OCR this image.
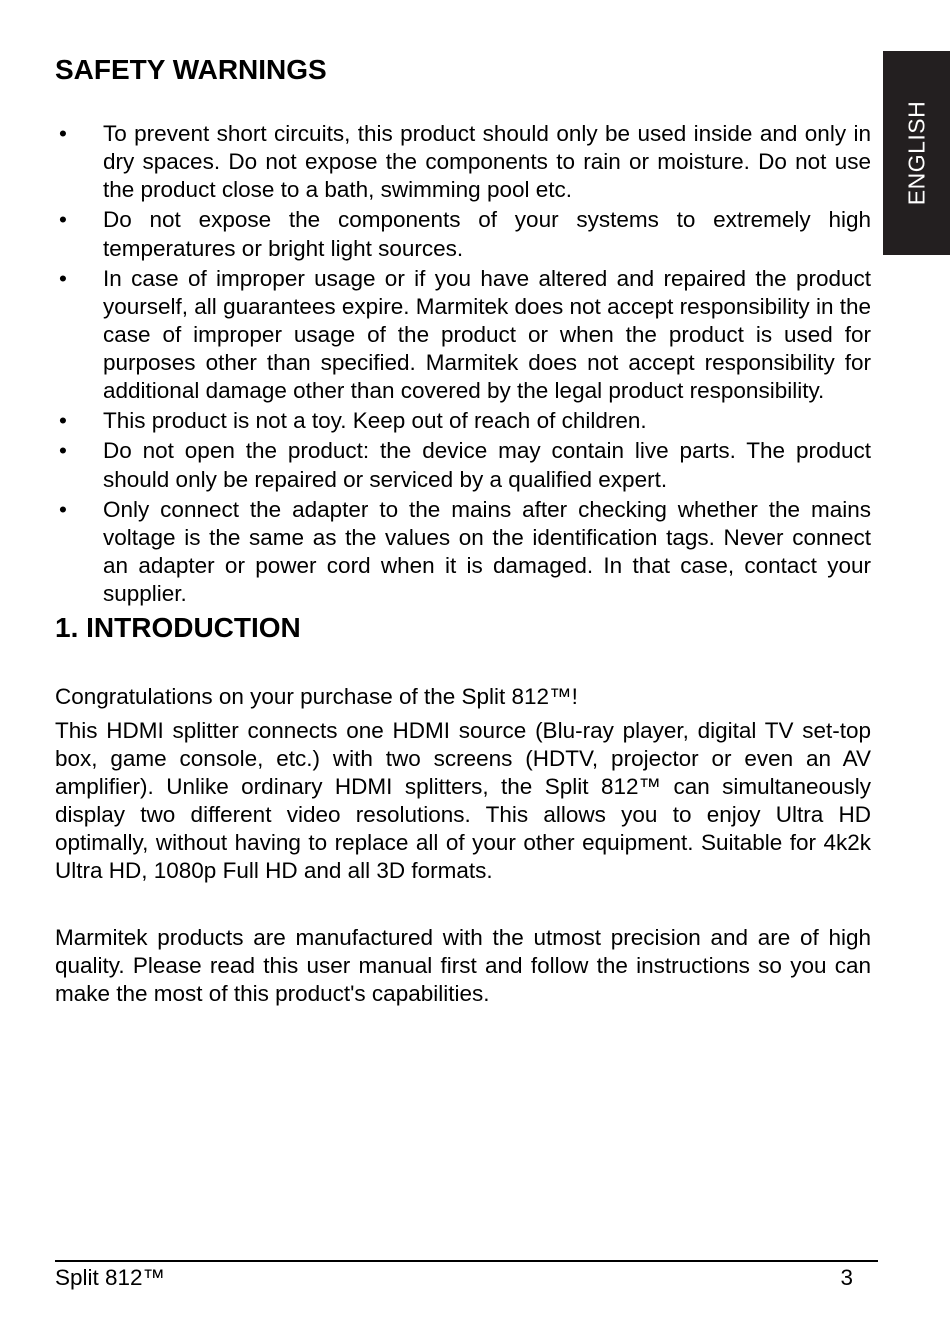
ENGLISH
SAFETY WARNINGS
• To prevent short circuits, this product should only be used inside and only in dry spaces. Do not expose the components to rain or moisture. Do not use the product close to a bath, swimming pool etc.
• Do not expose the components of your systems to extremely high temperatures or bright light sources.
• In case of improper usage or if you have altered and repaired the product yourself, all guarantees expire. Marmitek does not accept responsibility in the case of improper usage of the product or when the product is used for purposes other than specified. Marmitek does not accept responsibility for additional damage other than covered by the legal product responsibility.
• This product is not a toy. Keep out of reach of children.
• Do not open the product: the device may contain live parts. The product should only be repaired or serviced by a qualified expert.
• Only connect the adapter to the mains after checking whether the mains voltage is the same as the values on the identification tags. Never connect an adapter or power cord when it is damaged. In that case, contact your supplier.
1. INTRODUCTION

Congratulations on your purchase of the Split 812™!

This HDMI splitter connects one HDMI source (Blu-ray player, digital TV set-top box, game console, etc.) with two screens (HDTV, projector or even an AV amplifier). Unlike ordinary HDMI splitters, the Split 812™ can simultaneously display two different video resolutions. This allows you to enjoy Ultra HD optimally, without having to replace all of your other equipment. Suitable for 4k2k Ultra HD, 1080p Full HD and all 3D formats.

Marmitek products are manufactured with the utmost precision and are of high quality. Please read this user manual first and follow the instructions so you can make the most of this product's capabilities.

Split 812™	3
